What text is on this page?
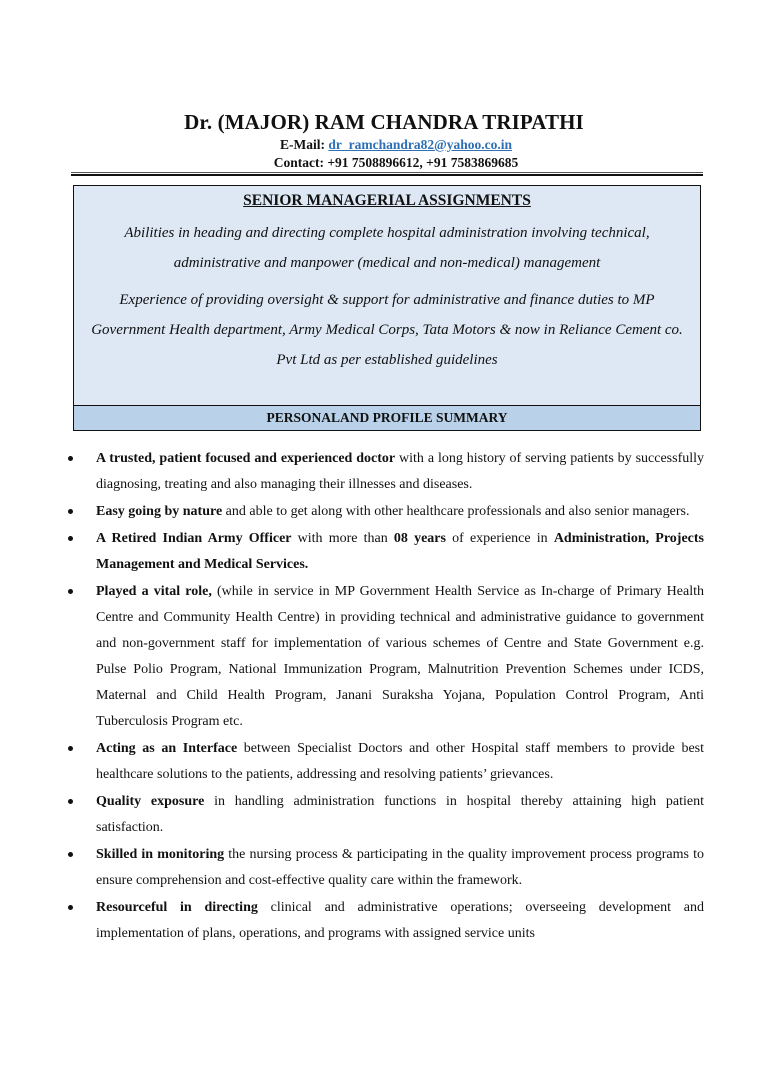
Dr. (MAJOR) RAM CHANDRA TRIPATHI
E-Mail: dr_ramchandra82@yahoo.co.in
Contact: +91 7508896612, +91 7583869685
SENIOR MANAGERIAL ASSIGNMENTS
Abilities in heading and directing complete hospital administration involving technical, administrative and manpower (medical and non-medical) management
Experience of providing oversight & support for administrative and finance duties to MP Government Health department, Army Medical Corps, Tata Motors & now in Reliance Cement co. Pvt Ltd as per established guidelines
PERSONALAND PROFILE SUMMARY
A trusted, patient focused and experienced doctor with a long history of serving patients by successfully diagnosing, treating and also managing their illnesses and diseases.
Easy going by nature and able to get along with other healthcare professionals and also senior managers.
A Retired Indian Army Officer with more than 08 years of experience in Administration, Projects Management and Medical Services.
Played a vital role, (while in service in MP Government Health Service as In-charge of Primary Health Centre and Community Health Centre) in providing technical and administrative guidance to government and non-government staff for implementation of various schemes of Centre and State Government e.g. Pulse Polio Program, National Immunization Program, Malnutrition Prevention Schemes under ICDS, Maternal and Child Health Program, Janani Suraksha Yojana, Population Control Program, Anti Tuberculosis Program etc.
Acting as an Interface between Specialist Doctors and other Hospital staff members to provide best healthcare solutions to the patients, addressing and resolving patients’ grievances.
Quality exposure in handling administration functions in hospital thereby attaining high patient satisfaction.
Skilled in monitoring the nursing process & participating in the quality improvement process programs to ensure comprehension and cost-effective quality care within the framework.
Resourceful in directing clinical and administrative operations; overseeing development and implementation of plans, operations, and programs with assigned service units
